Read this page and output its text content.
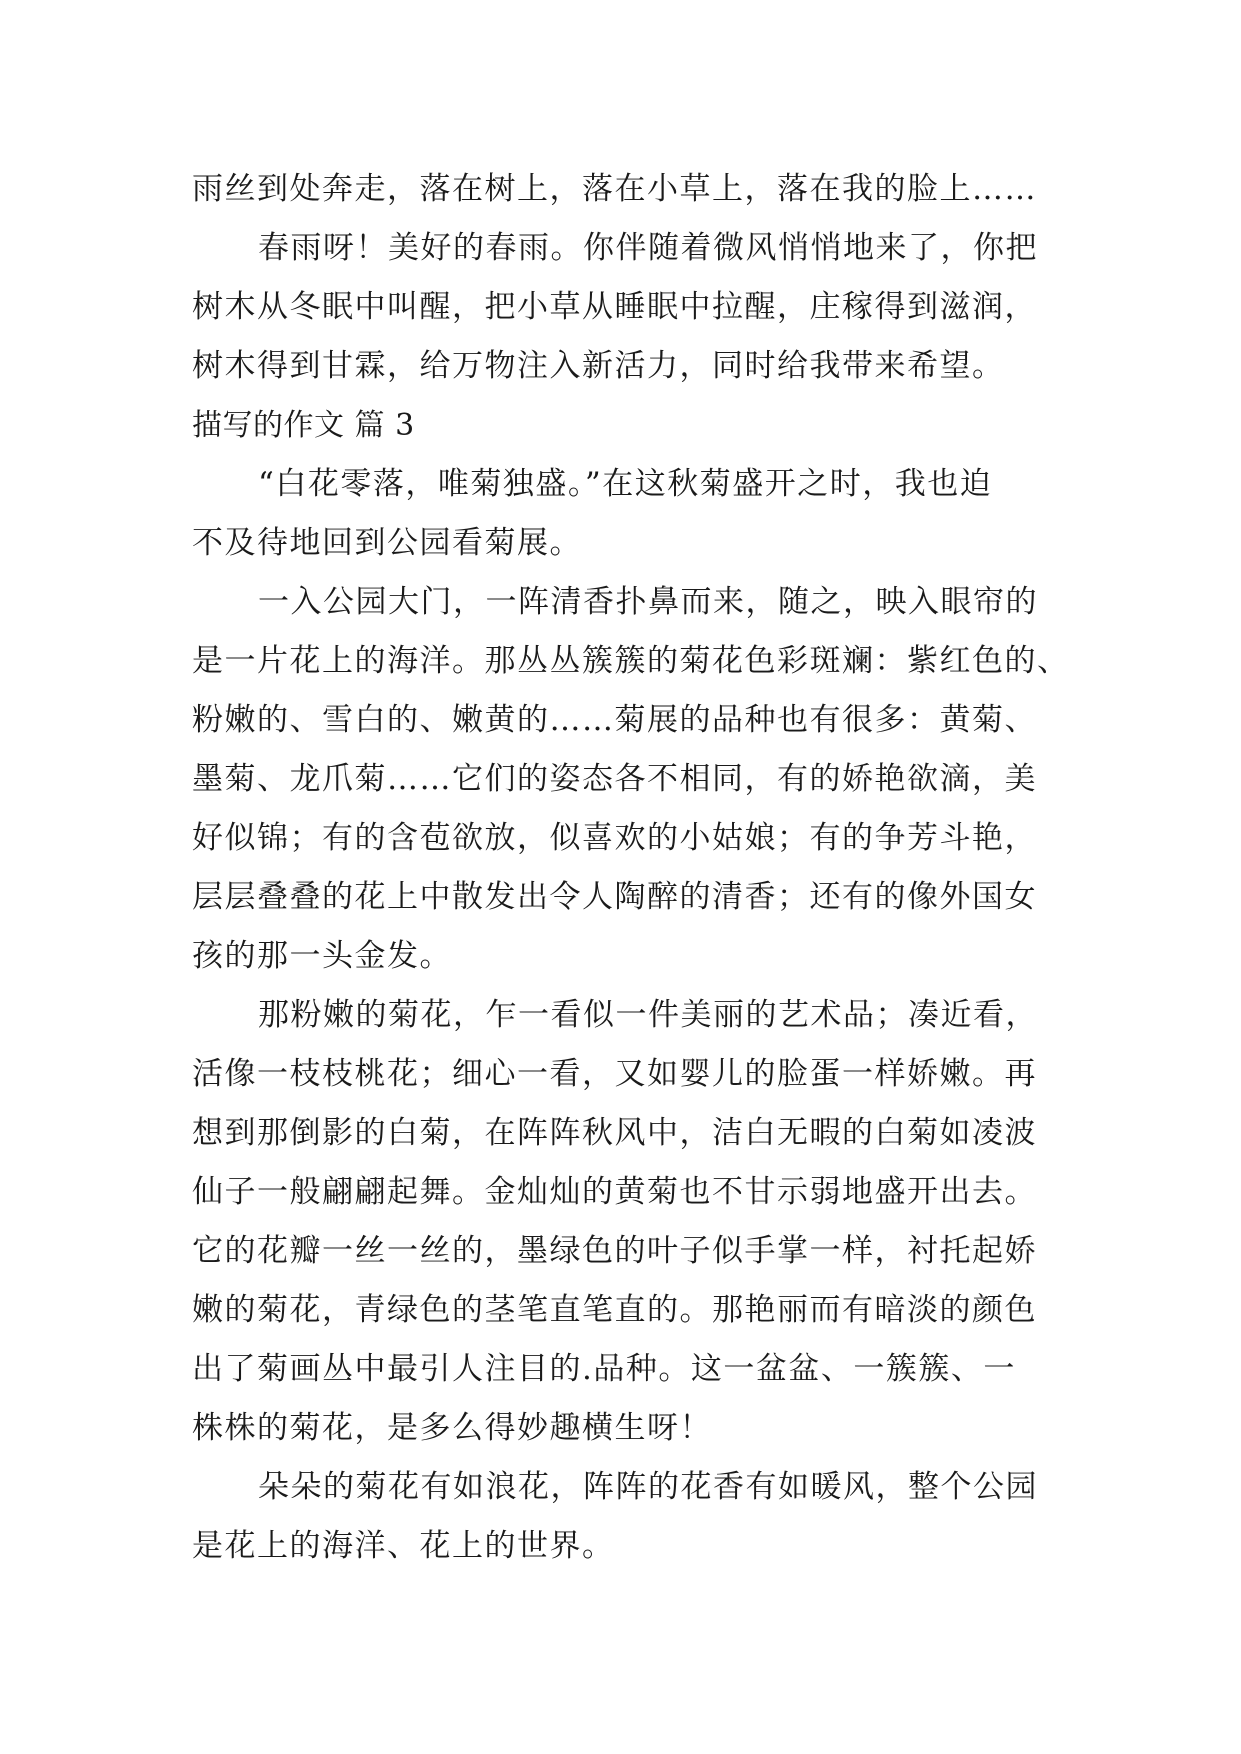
雨丝到处奔走，落在树上，落在小草上，落在我的脸上……
春雨呀！美好的春雨。你伴随着微风悄悄地来了，你把
树木从冬眠中叫醒，把小草从睡眠中拉醒，庄稼得到滋润，
树木得到甘霖，给万物注入新活力，同时给我带来希望。
描写的作文 篇 3
“白花零落，唯菊独盛。”在这秋菊盛开之时，我也迫
不及待地回到公园看菊展。
一入公园大门，一阵清香扑鼻而来，随之，映入眼帘的
是一片花上的海洋。那丛丛簇簇的菊花色彩斑斓：紫红色的、
粉嫩的、雪白的、嫩黄的……菊展的品种也有很多：黄菊、
墨菊、龙爪菊……它们的姿态各不相同，有的娇艳欲滴，美
好似锦；有的含苞欲放，似喜欢的小姑娘；有的争芳斗艳，
层层叠叠的花上中散发出令人陶醉的清香；还有的像外国女
孩的那一头金发。
那粉嫩的菊花，乍一看似一件美丽的艺术品；凑近看，
活像一枝枝桃花；细心一看，又如婴儿的脸蛋一样娇嫩。再
想到那倒影的白菊，在阵阵秋风中，洁白无暇的白菊如凌波
仙子一般翩翩起舞。金灿灿的黄菊也不甘示弱地盛开出去。
它的花瓣一丝一丝的，墨绿色的叶子似手掌一样，衬托起娇
嫩的菊花，青绿色的茎笔直笔直的。那艳丽而有暗淡的颜色
出了菊画丛中最引人注目的.品种。这一盆盆、一簇簇、一
株株的菊花，是多么得妙趣横生呀！
朵朵的菊花有如浪花，阵阵的花香有如暖风，整个公园
是花上的海洋、花上的世界。
